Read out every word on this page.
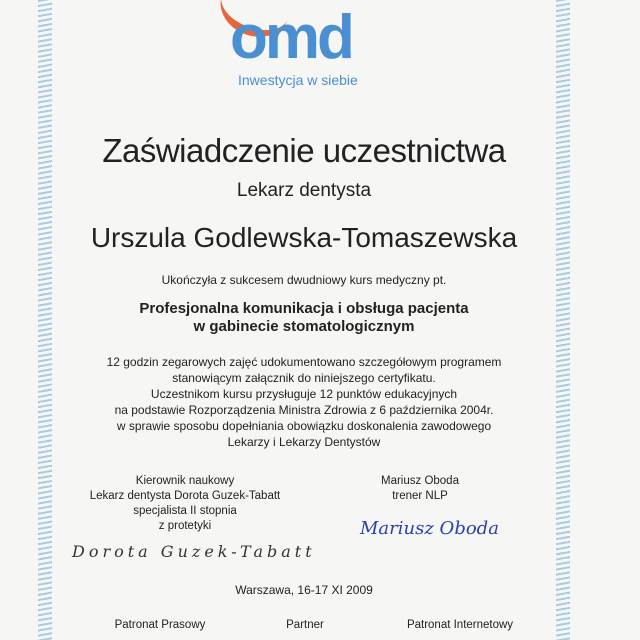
omd
Inwestycja w siebie
Zaświadczenie uczestnictwa
Lekarz dentysta
Urszula Godlewska-Tomaszewska
Ukończyła z sukcesem dwudniowy kurs medyczny pt.
Profesjonalna komunikacja i obsługa pacjenta
w gabinecie stomatologicznym
12 godzin zegarowych zajęć udokumentowano szczegółowym programem
stanowiącym załącznik do niniejszego certyfikatu.
Uczestnikom kursu przysługuje 12 punktów edukacyjnych
na podstawie Rozporządzenia Ministra Zdrowia z 6 października 2004r.
w sprawie sposobu dopełniania obowiązku doskonalenia zawodowego
Lekarzy i Lekarzy Dentystów
Kierownik naukowy
Lekarz dentysta Dorota Guzek-Tabatt
specjalista II stopnia
z protetyki
Mariusz Oboda
trener NLP
Dorota Guzek-Tabatt
Mariusz Oboda
Warszawa, 16-17 XI 2009
Patronat Prasowy	Partner	Patronat Internetowy
